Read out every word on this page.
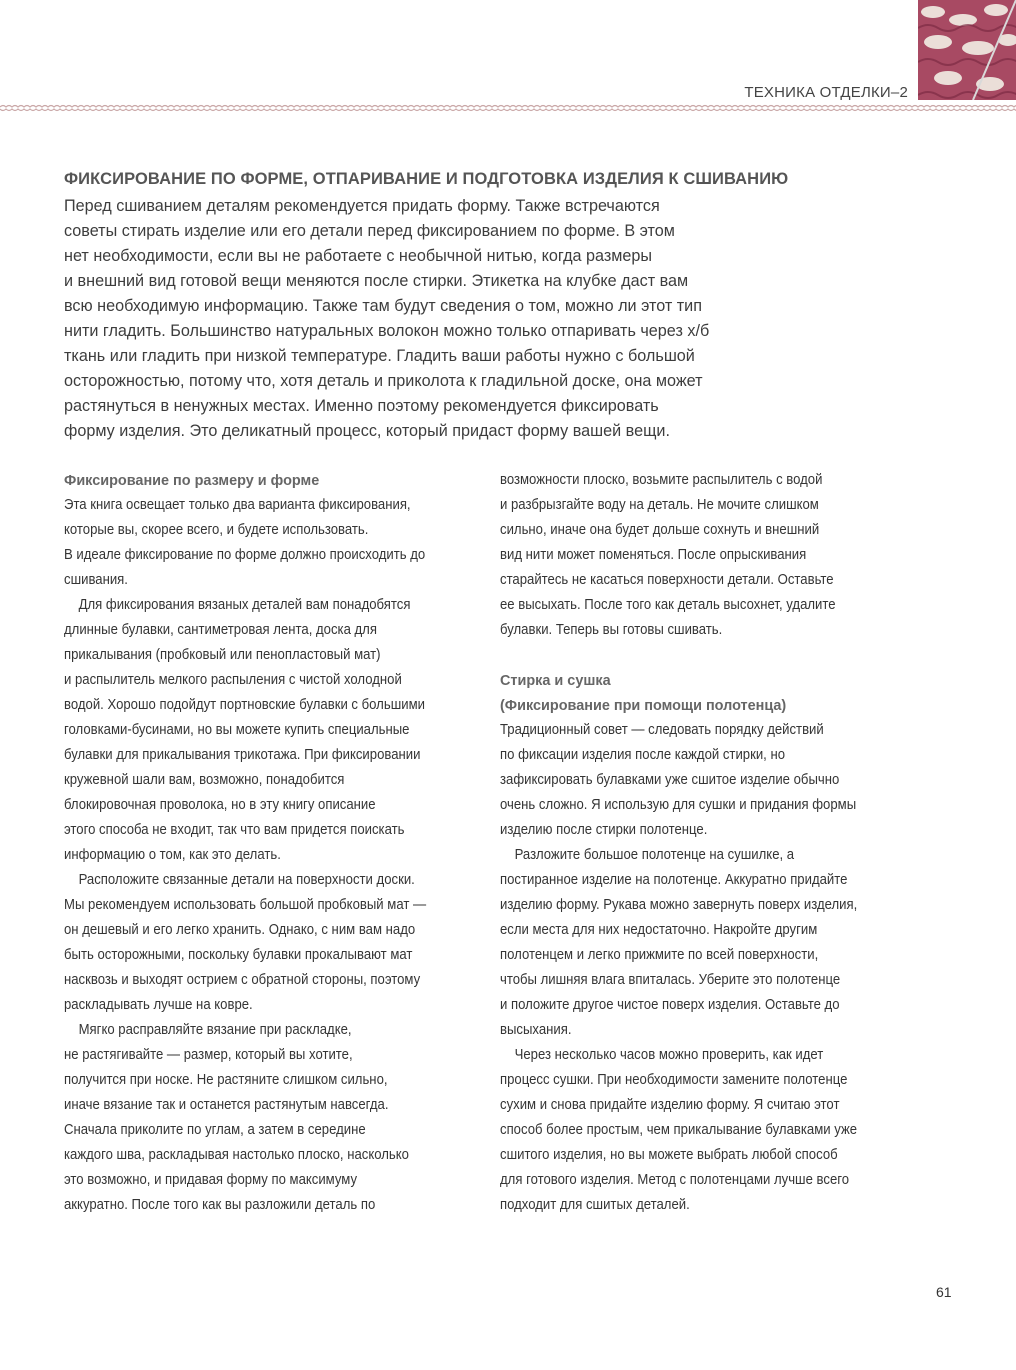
ТЕХНИКА ОТДЕЛКИ–2
ФИКСИРОВАНИЕ ПО ФОРМЕ, ОТПАРИВАНИЕ И ПОДГОТОВКА ИЗДЕЛИЯ К СШИВАНИЮ
Перед сшиванием деталям рекомендуется придать форму. Также встречаются
советы стирать изделие или его детали перед фиксированием по форме. В этом
нет необходимости, если вы не работаете с необычной нитью, когда размеры
и внешний вид готовой вещи меняются после стирки. Этикетка на клубке даст вам
всю необходимую информацию. Также там будут сведения о том, можно ли этот тип
нити гладить. Большинство натуральных волокон можно только отпаривать через х/б
ткань или гладить при низкой температуре. Гладить ваши работы нужно с большой
осторожностью, потому что, хотя деталь и приколота к гладильной доске, она может
растянуться в ненужных местах. Именно поэтому рекомендуется фиксировать
форму изделия. Это деликатный процесс, который придаст форму вашей вещи.
Фиксирование по размеру и форме
Эта книга освещает только два варианта фиксирования,
которые вы, скорее всего, и будете использовать.
В идеале фиксирование по форме должно происходить до
сшивания.
Для фиксирования вязаных деталей вам понадобятся
длинные булавки, сантиметровая лента, доска для
прикалывания (пробковый или пенопластовый мат)
и распылитель мелкого распыления с чистой холодной
водой. Хорошо подойдут портновские булавки с большими
головками-бусинами, но вы можете купить специальные
булавки для прикалывания трикотажа. При фиксировании
кружевной шали вам, возможно, понадобится
блокировочная проволока, но в эту книгу описание
этого способа не входит, так что вам придется поискать
информацию о том, как это делать.
Расположите связанные детали на поверхности доски.
Мы рекомендуем использовать большой пробковый мат —
он дешевый и его легко хранить. Однако, с ним вам надо
быть осторожными, поскольку булавки прокалывают мат
насквозь и выходят острием с обратной стороны, поэтому
раскладывать лучше на ковре.
Мягко расправляйте вязание при раскладке,
не растягивайте — размер, который вы хотите,
получится при носке. Не растяните слишком сильно,
иначе вязание так и останется растянутым навсегда.
Сначала приколите по углам, а затем в середине
каждого шва, раскладывая настолько плоско, насколько
это возможно, и придавая форму по максимуму
аккуратно. После того как вы разложили деталь по
возможности плоско, возьмите распылитель с водой
и разбрызгайте воду на деталь. Не мочите слишком
сильно, иначе она будет дольше сохнуть и внешний
вид нити может поменяться. После опрыскивания
старайтесь не касаться поверхности детали. Оставьте
ее высыхать. После того как деталь высохнет, удалите
булавки. Теперь вы готовы сшивать.
Стирка и сушка
(Фиксирование при помощи полотенца)
Традиционный совет — следовать порядку действий
по фиксации изделия после каждой стирки, но
зафиксировать булавками уже сшитое изделие обычно
очень сложно. Я использую для сушки и придания формы
изделию после стирки полотенце.
Разложите большое полотенце на сушилке, а
постиранное изделие на полотенце. Аккуратно придайте
изделию форму. Рукава можно завернуть поверх изделия,
если места для них недостаточно. Накройте другим
полотенцем и легко прижмите по всей поверхности,
чтобы лишняя влага впиталась. Уберите это полотенце
и положите другое чистое поверх изделия. Оставьте до
высыхания.
Через несколько часов можно проверить, как идет
процесс сушки. При необходимости замените полотенце
сухим и снова придайте изделию форму. Я считаю этот
способ более простым, чем прикалывание булавками уже
сшитого изделия, но вы можете выбрать любой способ
для готового изделия. Метод с полотенцами лучше всего
подходит для сшитых деталей.
61
